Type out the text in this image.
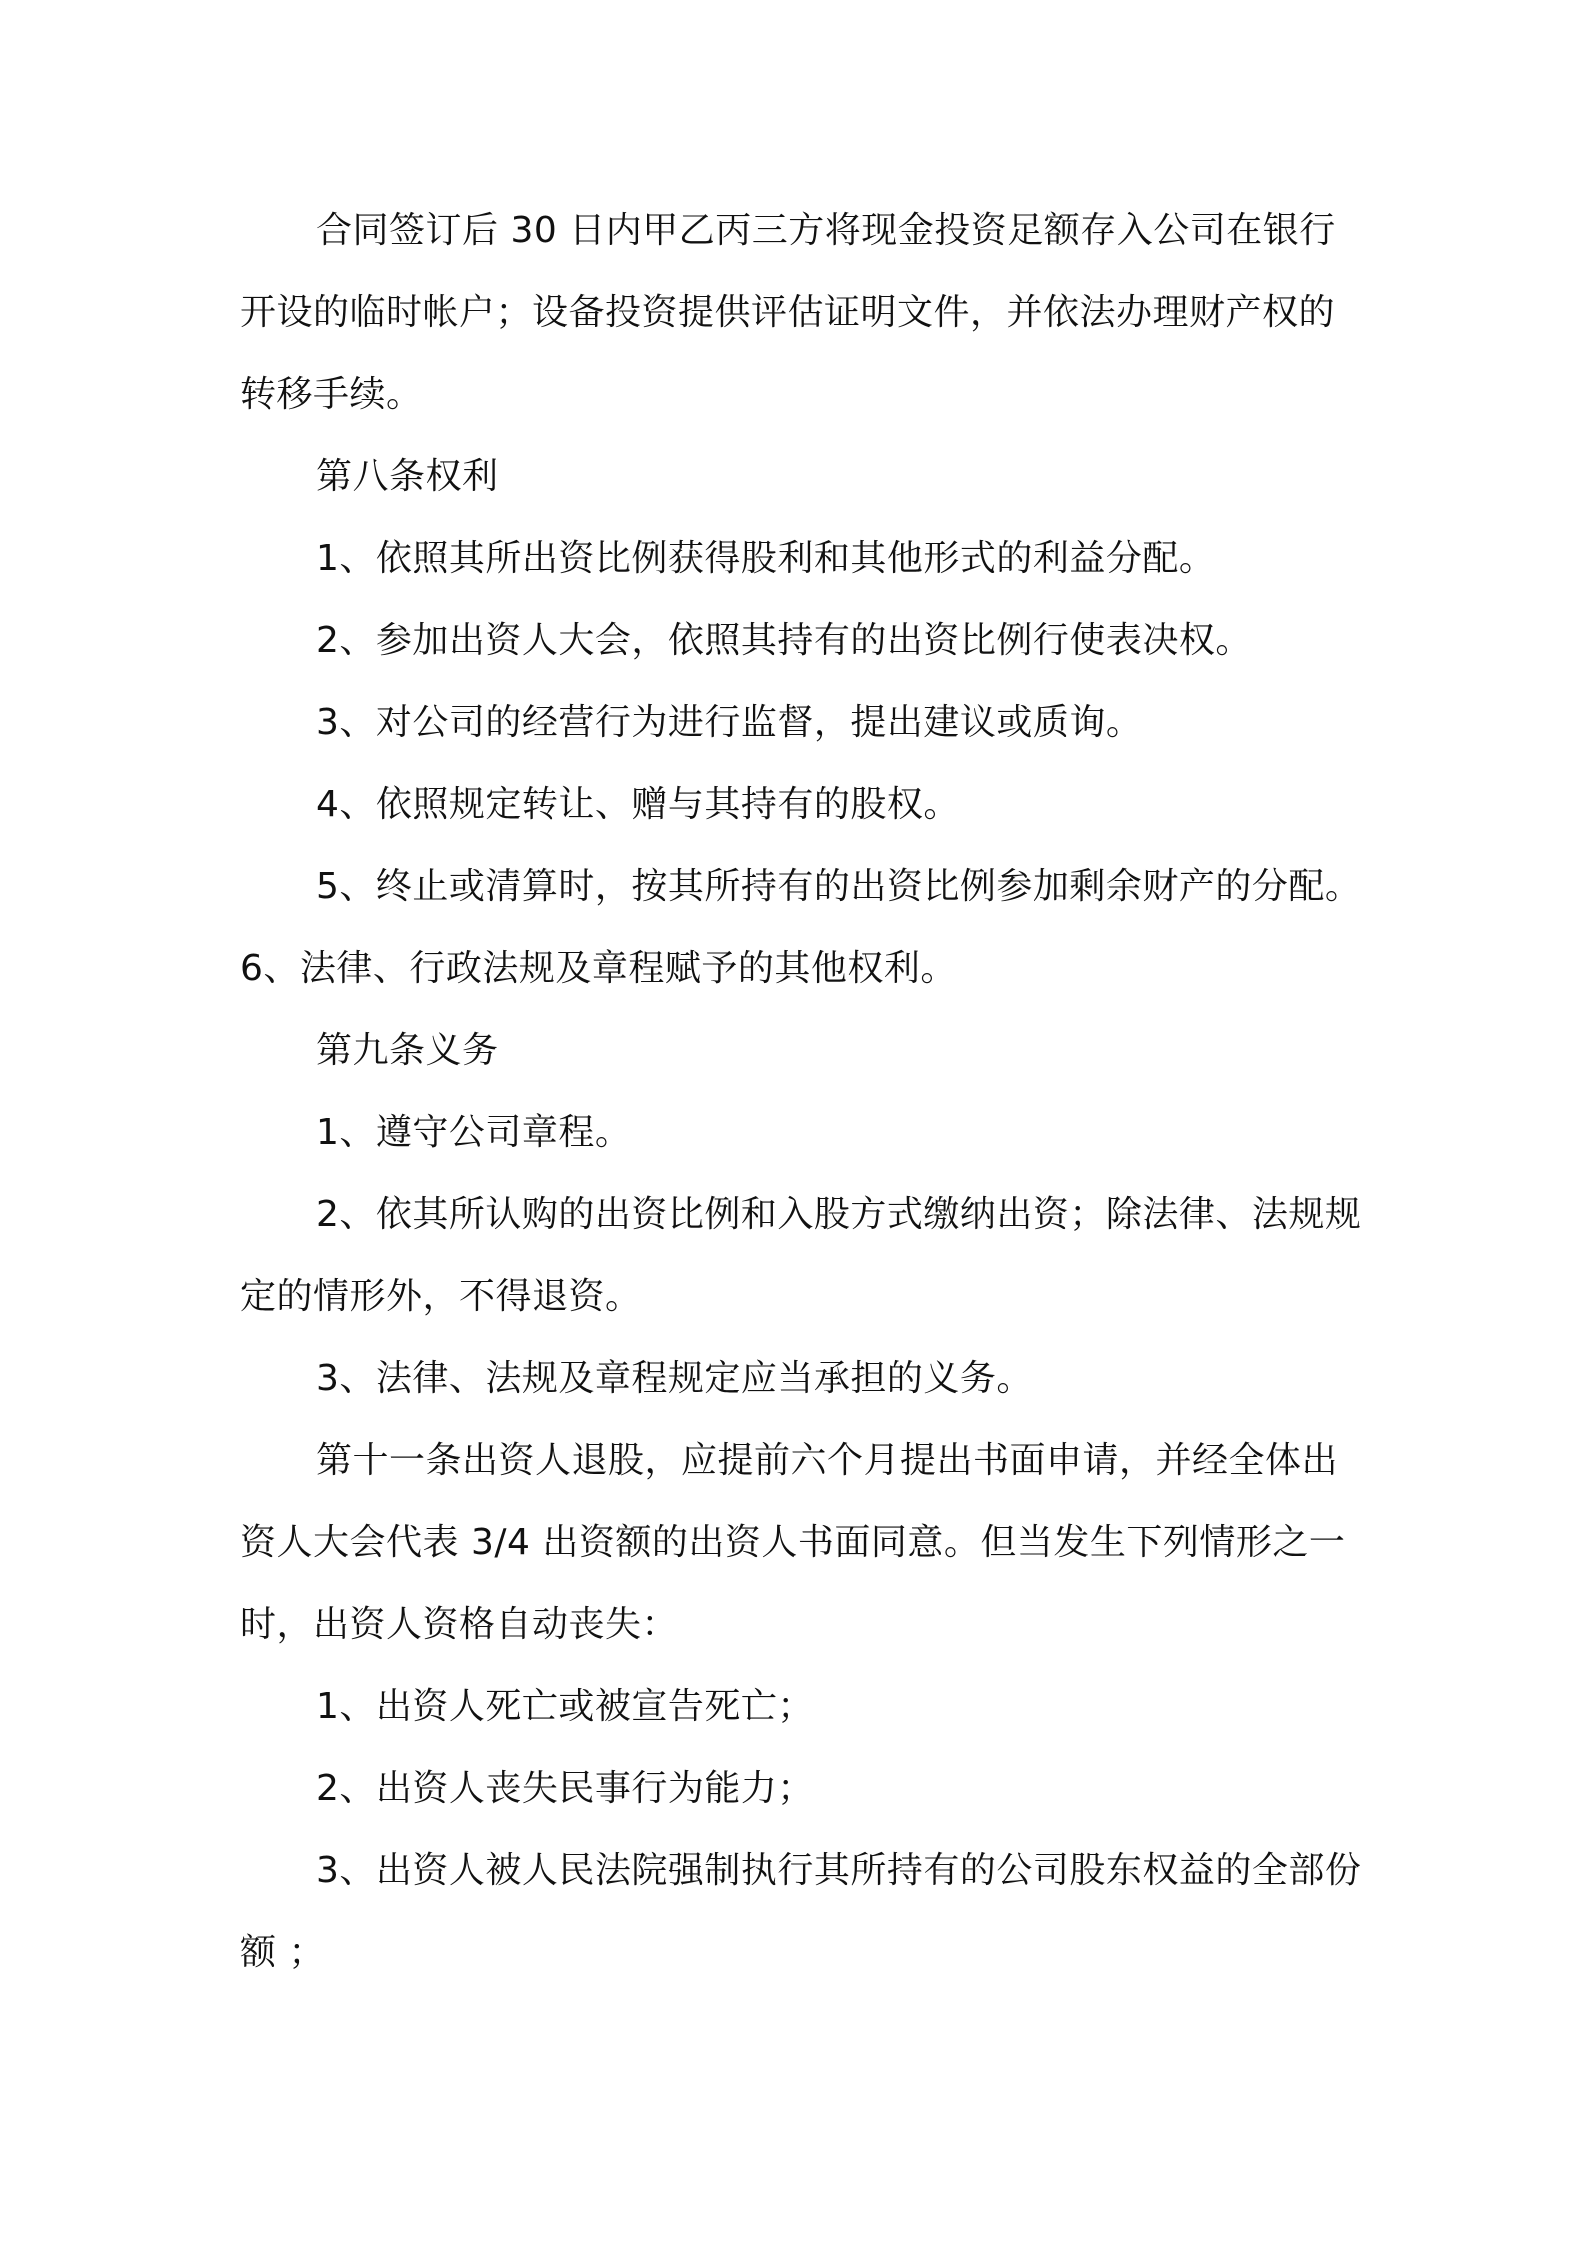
合同签订后 30 日内甲乙丙三方将现金投资足额存入公司在银行开设的临时帐户；设备投资提供评估证明文件，并依法办理财产权的转移手续。

第八条权利

1、依照其所出资比例获得股利和其他形式的利益分配。

2、参加出资人大会，依照其持有的出资比例行使表决权。

3、对公司的经营行为进行监督，提出建议或质询。

4、依照规定转让、赠与其持有的股权。

5、终止或清算时，按其所持有的出资比例参加剩余财产的分配。

6、法律、行政法规及章程赋予的其他权利。

第九条义务

1、遵守公司章程。

2、依其所认购的出资比例和入股方式缴纳出资；除法律、法规规定的情形外，不得退资。

3、法律、法规及章程规定应当承担的义务。

第十一条出资人退股，应提前六个月提出书面申请，并经全体出资人大会代表 3/4 出资额的出资人书面同意。但当发生下列情形之一时，出资人资格自动丧失：

1、出资人死亡或被宣告死亡；

2、出资人丧失民事行为能力；

3、出资人被人民法院强制执行其所持有的公司股东权益的全部份额 ；
